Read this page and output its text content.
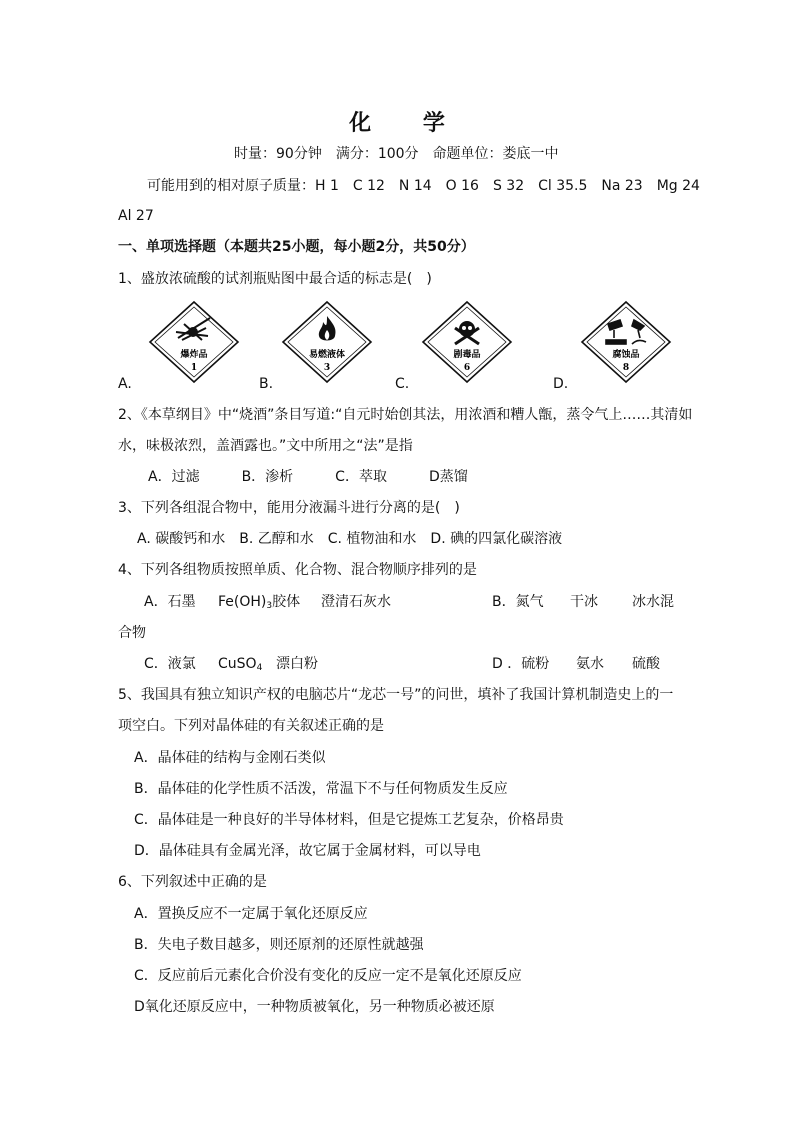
化 学
时量：90分钟　满分：100分　命题单位：娄底一中
可能用到的相对原子质量：H 1　C 12　N 14　O 16　S 32　Cl 35.5　Na 23　Mg 24
Al 27
一、单项选择题（本题共25小题，每小题2分，共50分）
1、盛放浓硫酸的试剂瓶贴图中最合适的标志是(　)
爆炸品
1
A.
易燃液体
3
B.
剧毒品
6
C.
腐蚀品
8
D.
2、《本草纲目》中“烧酒”条目写道:“自元时始创其法，用浓酒和糟人甑，蒸令气上……其清如
水，味极浓烈，盖酒露也。”文中所用之“法”是指
A．过滤　　　B．渗析　　　C．萃取　　　D蒸馏
3、下列各组混合物中，能用分液漏斗进行分离的是(　)
A. 碳酸钙和水　B. 乙醇和水　C. 植物油和水　D. 碘的四氯化碳溶液
4、下列各组物质按照单质、化合物、混合物顺序排列的是
A．石墨 $Fe(OH)_3$胶体 澄清石灰水	B．氮气 干冰 冰水混
合物
C．液氯 CuSO$_4$ 漂白粉	D ．硫粉 氨水 硫酸
5、我国具有独立知识产权的电脑芯片“龙芯一号”的问世，填补了我国计算机制造史上的一
项空白。下列对晶体硅的有关叙述正确的是
A．晶体硅的结构与金刚石类似
B．晶体硅的化学性质不活泼，常温下不与任何物质发生反应
C．晶体硅是一种良好的半导体材料，但是它提炼工艺复杂，价格昂贵
D．晶体硅具有金属光泽，故它属于金属材料，可以导电
6、下列叙述中正确的是
A．置换反应不一定属于氧化还原反应
B．失电子数目越多，则还原剂的还原性就越强
C．反应前后元素化合价没有变化的反应一定不是氧化还原反应
D氧化还原反应中，一种物质被氧化，另一种物质必被还原
